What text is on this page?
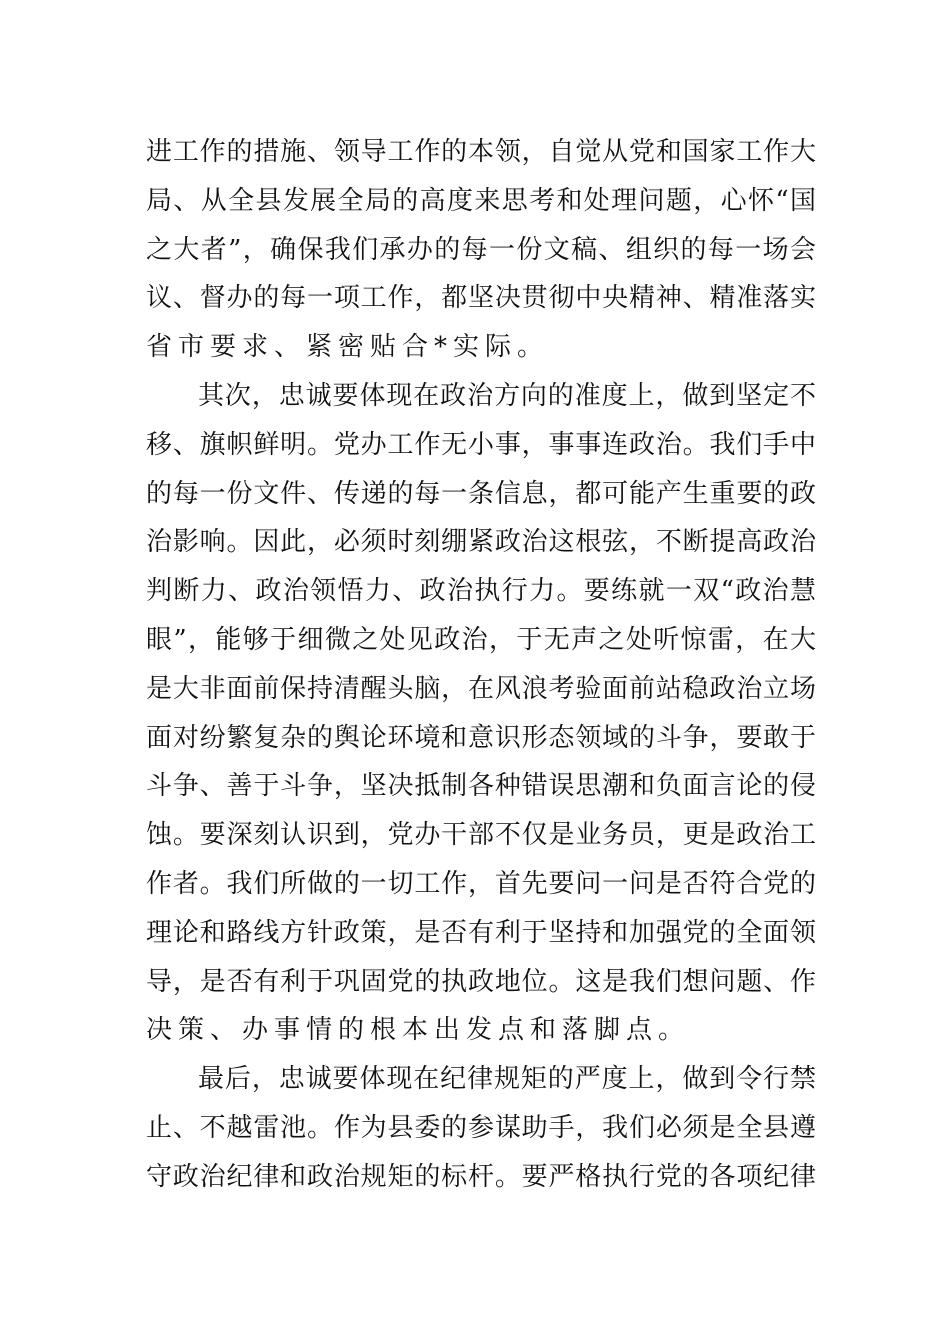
进工作的措施、领导工作的本领，自觉从党和国家工作大
局、从全县发展全局的高度来思考和处理问题，心怀“国
之大者”，确保我们承办的每一份文稿、组织的每一场会
议、督办的每一项工作，都坚决贯彻中央精神、精准落实
省市要求、紧密贴合*实际。
其次，忠诚要体现在政治方向的准度上，做到坚定不
移、旗帜鲜明。党办工作无小事，事事连政治。我们手中
的每一份文件、传递的每一条信息，都可能产生重要的政
治影响。因此，必须时刻绷紧政治这根弦，不断提高政治
判断力、政治领悟力、政治执行力。要练就一双“政治慧
眼”，能够于细微之处见政治，于无声之处听惊雷，在大
是大非面前保持清醒头脑，在风浪考验面前站稳政治立场
面对纷繁复杂的舆论环境和意识形态领域的斗争，要敢于
斗争、善于斗争，坚决抵制各种错误思潮和负面言论的侵
蚀。要深刻认识到，党办干部不仅是业务员，更是政治工
作者。我们所做的一切工作，首先要问一问是否符合党的
理论和路线方针政策，是否有利于坚持和加强党的全面领
导，是否有利于巩固党的执政地位。这是我们想问题、作
决策、办事情的根本出发点和落脚点。
最后，忠诚要体现在纪律规矩的严度上，做到令行禁
止、不越雷池。作为县委的参谋助手，我们必须是全县遵
守政治纪律和政治规矩的标杆。要严格执行党的各项纪律
